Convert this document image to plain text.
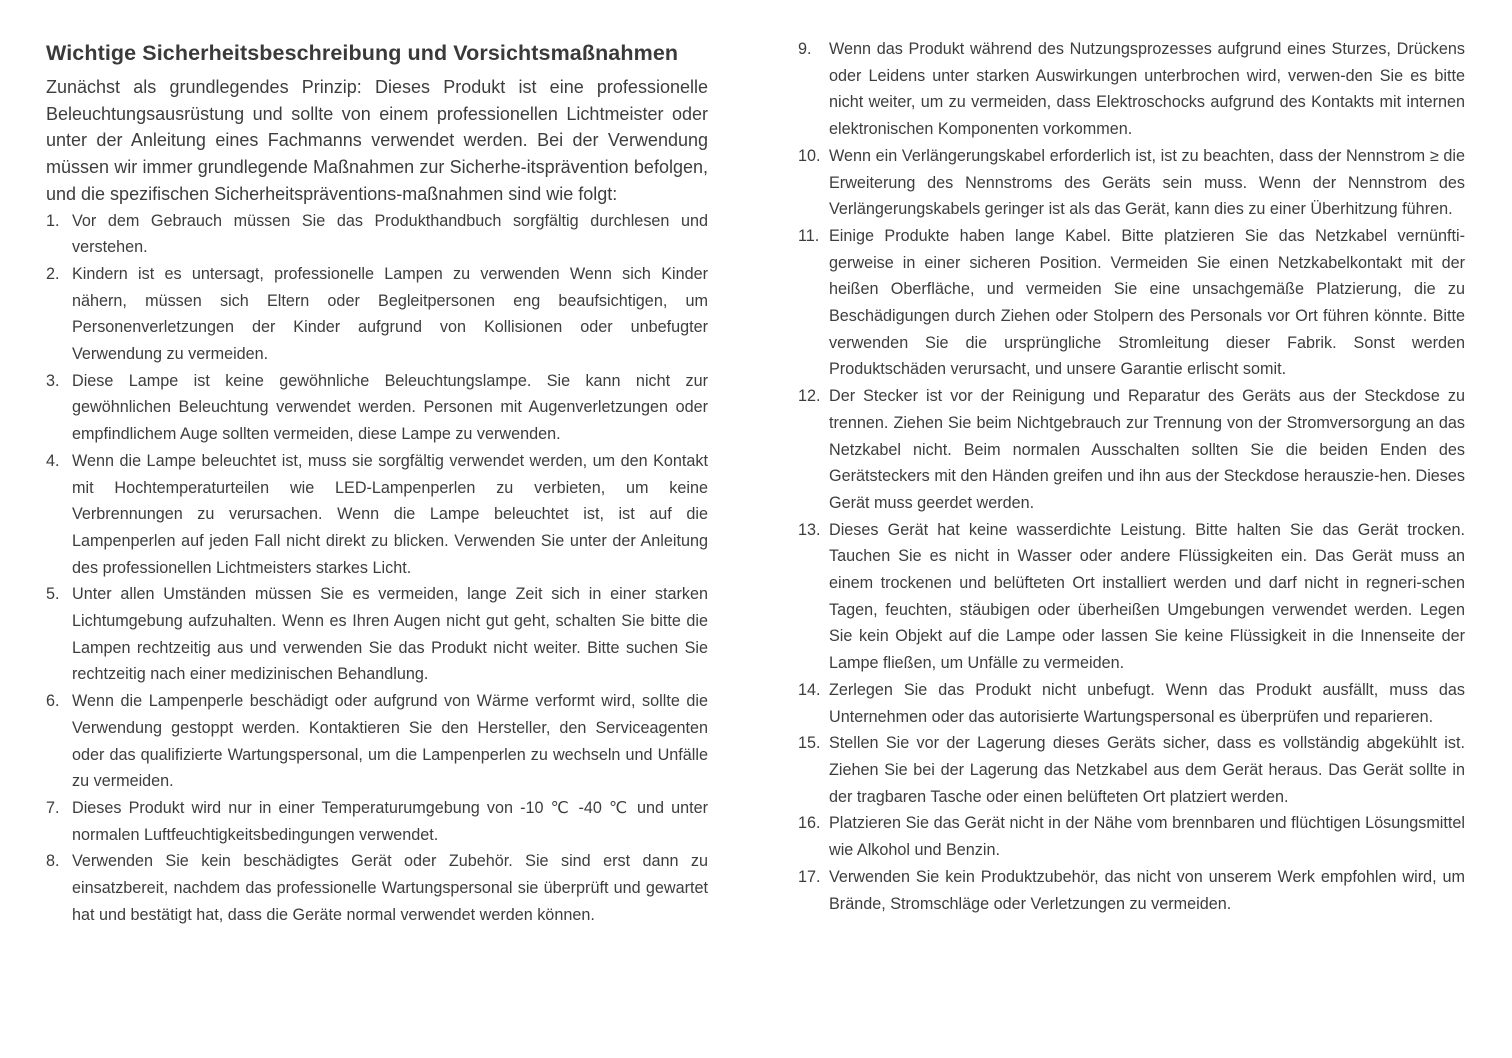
Wichtige Sicherheitsbeschreibung und Vorsichtsmaßnahmen

Zunächst als grundlegendes Prinzip: Dieses Produkt ist eine professionelle Beleuchtungsausrüstung und sollte von einem professionellen Lichtmeister oder unter der Anleitung eines Fachmanns verwendet werden. Bei der Verwendung müssen wir immer grundlegende Maßnahmen zur Sicherhe-itsprävention befolgen, und die spezifischen Sicherheitspräventions-maßnahmen sind wie folgt:

1. Vor dem Gebrauch müssen Sie das Produkthandbuch sorgfältig durchlesen und verstehen.
2. Kindern ist es untersagt, professionelle Lampen zu verwenden Wenn sich Kinder nähern, müssen sich Eltern oder Begleitpersonen eng beaufsichtigen, um Personenverletzungen der Kinder aufgrund von Kollisionen oder unbefugter Verwendung zu vermeiden.
3. Diese Lampe ist keine gewöhnliche Beleuchtungslampe. Sie kann nicht zur gewöhnlichen Beleuchtung verwendet werden. Personen mit Augenverletzungen oder empfindlichem Auge sollten vermeiden, diese Lampe zu verwenden.
4. Wenn die Lampe beleuchtet ist, muss sie sorgfältig verwendet werden, um den Kontakt mit Hochtemperaturteilen wie LED-Lampenperlen zu verbieten, um keine Verbrennungen zu verursachen. Wenn die Lampe beleuchtet ist, ist auf die Lampenperlen auf jeden Fall nicht direkt zu blicken. Verwenden Sie unter der Anleitung des professionellen Lichtmeisters starkes Licht.
5. Unter allen Umständen müssen Sie es vermeiden, lange Zeit sich in einer starken Lichtumgebung aufzuhalten. Wenn es Ihren Augen nicht gut geht, schalten Sie bitte die Lampen rechtzeitig aus und verwenden Sie das Produkt nicht weiter. Bitte suchen Sie rechtzeitig nach einer medizinischen Behandlung.
6. Wenn die Lampenperle beschädigt oder aufgrund von Wärme verformt wird, sollte die Verwendung gestoppt werden. Kontaktieren Sie den Hersteller, den Serviceagenten oder das qualifizierte Wartungspersonal, um die Lampenperlen zu wechseln und Unfälle zu vermeiden.
7. Dieses Produkt wird nur in einer Temperaturumgebung von -10 ℃ -40 ℃ und unter normalen Luftfeuchtigkeitsbedingungen verwendet.
8. Verwenden Sie kein beschädigtes Gerät oder Zubehör. Sie sind erst dann zu einsatzbereit, nachdem das professionelle Wartungspersonal sie überprüft und gewartet hat und bestätigt hat, dass die Geräte normal verwendet werden können.
9.	Wenn das Produkt während des Nutzungsprozesses aufgrund eines Sturzes, Drückens oder Leidens unter starken Auswirkungen unterbrochen wird, verwen-den Sie es bitte nicht weiter, um zu vermeiden, dass Elektroschocks aufgrund des Kontakts mit internen elektronischen Komponenten vorkommen.
10. Wenn ein Verlängerungskabel erforderlich ist, ist zu beachten, dass der Nennstrom ≥ die Erweiterung des Nennstroms des Geräts sein muss. Wenn der Nennstrom des Verlängerungskabels geringer ist als das Gerät, kann dies zu einer Überhitzung führen.
11. Einige Produkte haben lange Kabel. Bitte platzieren Sie das Netzkabel vernünfti-gerweise in einer sicheren Position. Vermeiden Sie einen Netzkabelkontakt mit der heißen Oberfläche, und vermeiden Sie eine unsachgemäße Platzierung, die zu Beschädigungen durch Ziehen oder Stolpern des Personals vor Ort führen könnte. Bitte verwenden Sie die ursprüngliche Stromleitung dieser Fabrik. Sonst werden Produktschäden verursacht, und unsere Garantie erlischt somit.
12. Der Stecker ist vor der Reinigung und Reparatur des Geräts aus der Steckdose zu trennen. Ziehen Sie beim Nichtgebrauch zur Trennung von der Stromversorgung an das Netzkabel nicht. Beim normalen Ausschalten sollten Sie die beiden Enden des Gerätsteckers mit den Händen greifen und ihn aus der Steckdose herauszie-hen. Dieses Gerät muss geerdet werden.
13. Dieses Gerät hat keine wasserdichte Leistung. Bitte halten Sie das Gerät trocken. Tauchen Sie es nicht in Wasser oder andere Flüssigkeiten ein. Das Gerät muss an einem trockenen und belüfteten Ort installiert werden und darf nicht in regneri-schen Tagen, feuchten, stäubigen oder überheißen Umgebungen verwendet werden. Legen Sie kein Objekt auf die Lampe oder lassen Sie keine Flüssigkeit in die Innenseite der Lampe fließen, um Unfälle zu vermeiden.
14. Zerlegen Sie das Produkt nicht unbefugt. Wenn das Produkt ausfällt, muss das Unternehmen oder das autorisierte Wartungspersonal es überprüfen und reparieren.
15. Stellen Sie vor der Lagerung dieses Geräts sicher, dass es vollständig abgekühlt ist. Ziehen Sie bei der Lagerung das Netzkabel aus dem Gerät heraus. Das Gerät sollte in der tragbaren Tasche oder einen belüfteten Ort platziert werden.
16. Platzieren Sie das Gerät nicht in der Nähe vom brennbaren und flüchtigen Lösungsmittel wie Alkohol und Benzin.
17. Verwenden Sie kein Produktzubehör, das nicht von unserem Werk empfohlen wird, um Brände, Stromschläge oder Verletzungen zu vermeiden.
